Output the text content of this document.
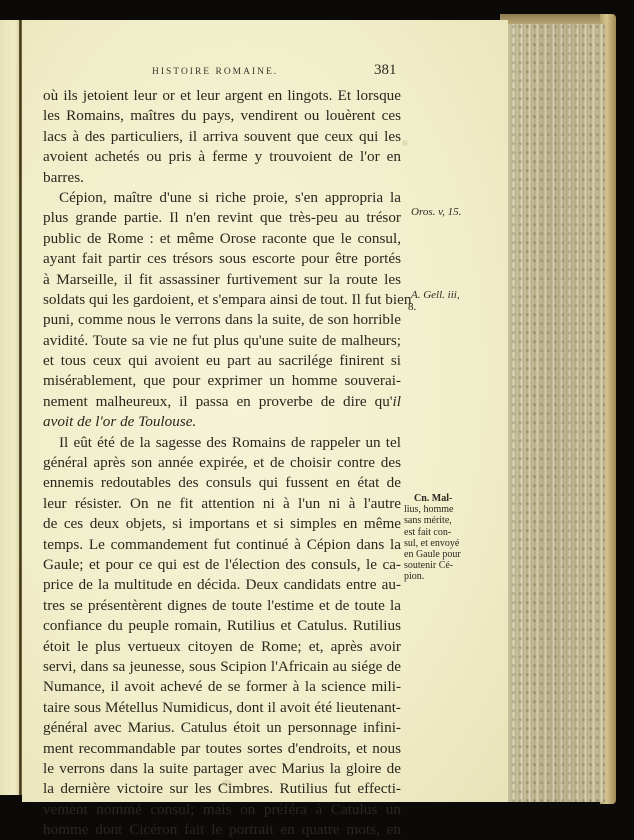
HISTOIRE ROMAINE.	381
où ils jetoient leur or et leur argent en lingots. Et lorsque
les Romains, maîtres du pays, vendirent ou louèrent ces
lacs à des particuliers, il arriva souvent que ceux qui les
avoient achetés ou pris à ferme y trouvoient de l'or en
barres.
Cépion, maître d'une si riche proie, s'en appropria la
plus grande partie. Il n'en revint que très-peu au trésor
public de Rome : et même Orose raconte que le consul,
ayant fait partir ces trésors sous escorte pour être portés
à Marseille, il fit assassiner furtivement sur la route les
soldats qui les gardoient, et s'empara ainsi de tout. Il fut bien
puni, comme nous le verrons dans la suite, de son horrible
avidité. Toute sa vie ne fut plus qu'une suite de malheurs;
et tous ceux qui avoient eu part au sacrilége finirent si
misérablement, que pour exprimer un homme souverai-
nement malheureux, il passa en proverbe de dire qu'il
avoit de l'or de Toulouse.
Il eût été de la sagesse des Romains de rappeler un tel
général après son année expirée, et de choisir contre des
ennemis redoutables des consuls qui fussent en état de
leur résister. On ne fit attention ni à l'un ni à l'autre
de ces deux objets, si importans et si simples en même
temps. Le commandement fut continué à Cépion dans la
Gaule; et pour ce qui est de l'élection des consuls, le ca-
price de la multitude en décida. Deux candidats entre au-
tres se présentèrent dignes de toute l'estime et de toute la
confiance du peuple romain, Rutilius et Catulus. Rutilius
étoit le plus vertueux citoyen de Rome; et, après avoir
servi, dans sa jeunesse, sous Scipion l'Africain au siége de
Numance, il avoit achevé de se former à la science mili-
taire sous Métellus Numidicus, dont il avoit été lieutenant-
général avec Marius. Catulus étoit un personnage infini-
ment recommandable par toutes sortes d'endroits, et nous
le verrons dans la suite partager avec Marius la gloire de
la dernière victoire sur les Cimbres. Rutilius fut effecti-
vement nommé consul; mais on préféra à Catulus un
homme dont Cicéron fait le portrait en quatre mots, en
Oros. v, 15.
A. Gell. iii,
8.
Cn. Mal-
lius, homme
sans mérite,
est fait con-
sul, et envoyé
en Gaule pour
soutenir Cé-
pion.
